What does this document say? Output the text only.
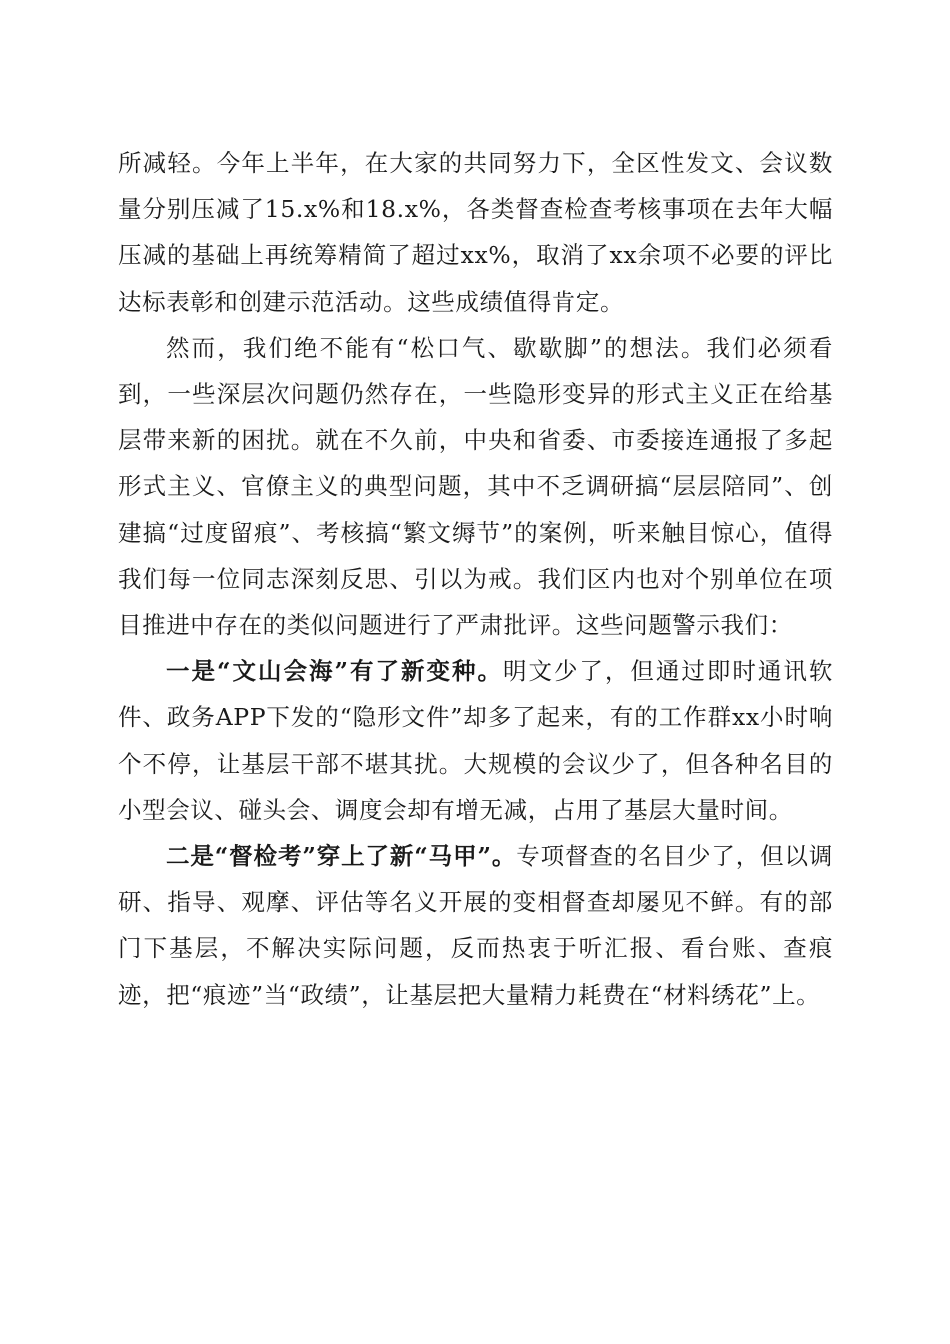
所减轻。今年上半年，在大家的共同努力下，全区性发文、会议数量分别压减了15.x%和18.x%，各类督查检查考核事项在去年大幅压减的基础上再统筹精简了超过xx%，取消了xx余项不必要的评比达标表彰和创建示范活动。这些成绩值得肯定。

然而，我们绝不能有“松口气、歇歇脚”的想法。我们必须看到，一些深层次问题仍然存在，一些隐形变异的形式主义正在给基层带来新的困扰。就在不久前，中央和省委、市委接连通报了多起形式主义、官僚主义的典型问题，其中不乏调研搞“层层陪同”、创建搞“过度留痕”、考核搞“繁文缛节”的案例，听来触目惊心，值得我们每一位同志深刻反思、引以为戒。我们区内也对个别单位在项目推进中存在的类似问题进行了严肃批评。这些问题警示我们：

一是“文山会海”有了新变种。明文少了，但通过即时通讯软件、政务APP下发的“隐形文件”却多了起来，有的工作群xx小时响个不停，让基层干部不堪其扰。大规模的会议少了，但各种名目的小型会议、碰头会、调度会却有增无减，占用了基层大量时间。

二是“督检考”穿上了新“马甲”。专项督查的名目少了，但以调研、指导、观摩、评估等名义开展的变相督查却屡见不鲜。有的部门下基层，不解决实际问题，反而热衷于听汇报、看台账、查痕迹，把“痕迹”当“政绩”，让基层把大量精力耗费在“材料绣花”上。
